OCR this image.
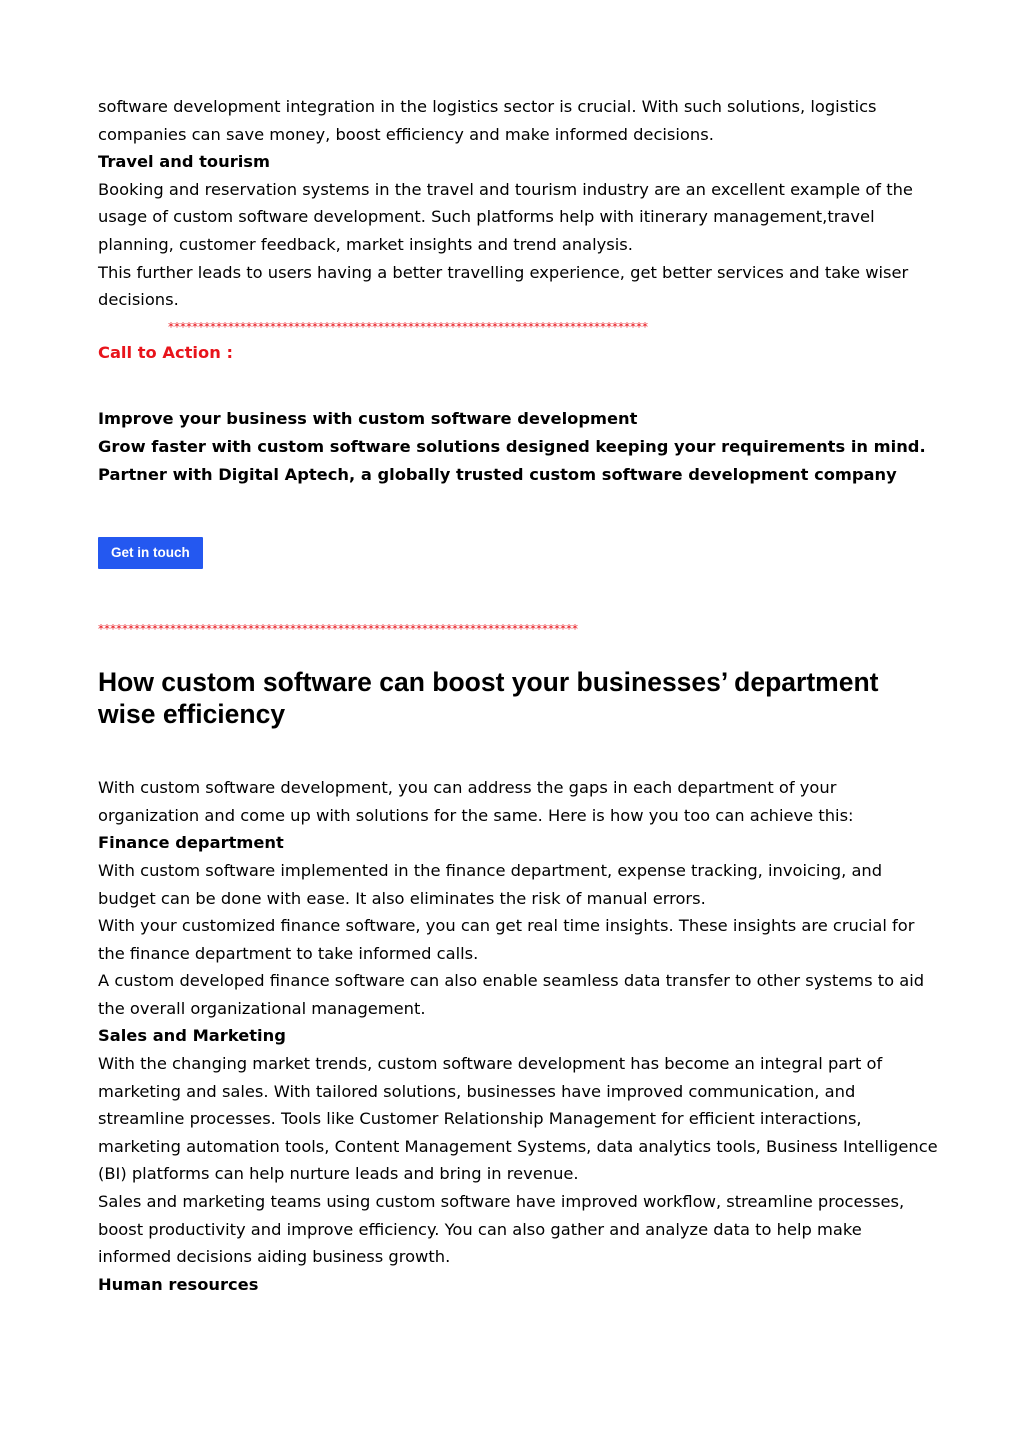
software development integration in the logistics sector is crucial. With such solutions, logistics companies can save money, boost efficiency and make informed decisions.

Travel and tourism

Booking and reservation systems in the travel and tourism industry are an excellent example of the usage of custom software development. Such platforms help with itinerary management,travel planning, customer feedback, market insights and trend analysis.

This further leads to users having a better travelling experience, get better services and take wiser decisions.

********************************************************************************

Call to Action :

Improve your business with custom software development

Grow faster with custom software solutions designed keeping your requirements in mind. Partner with Digital Aptech, a globally trusted custom software development company

Get in touch
********************************************************************************
How custom software can boost your businesses’ department wise efficiency

With custom software development, you can address the gaps in each department of your organization and come up with solutions for the same. Here is how you too can achieve this:

Finance department

With custom software implemented in the finance department, expense tracking, invoicing, and budget can be done with ease. It also eliminates the risk of manual errors.

With your customized finance software, you can get real time insights. These insights are crucial for the finance department to take informed calls.

A custom developed finance software can also enable seamless data transfer to other systems to aid the overall organizational management.

Sales and Marketing

With the changing market trends, custom software development has become an integral part of marketing and sales. With tailored solutions, businesses have improved communication, and streamline processes. Tools like Customer Relationship Management for efficient interactions, marketing automation tools, Content Management Systems, data analytics tools, Business Intelligence (BI) platforms can help nurture leads and bring in revenue.

Sales and marketing teams using custom software have improved workflow, streamline processes, boost productivity and improve efficiency. You can also gather and analyze data to help make informed decisions aiding business growth.

Human resources
